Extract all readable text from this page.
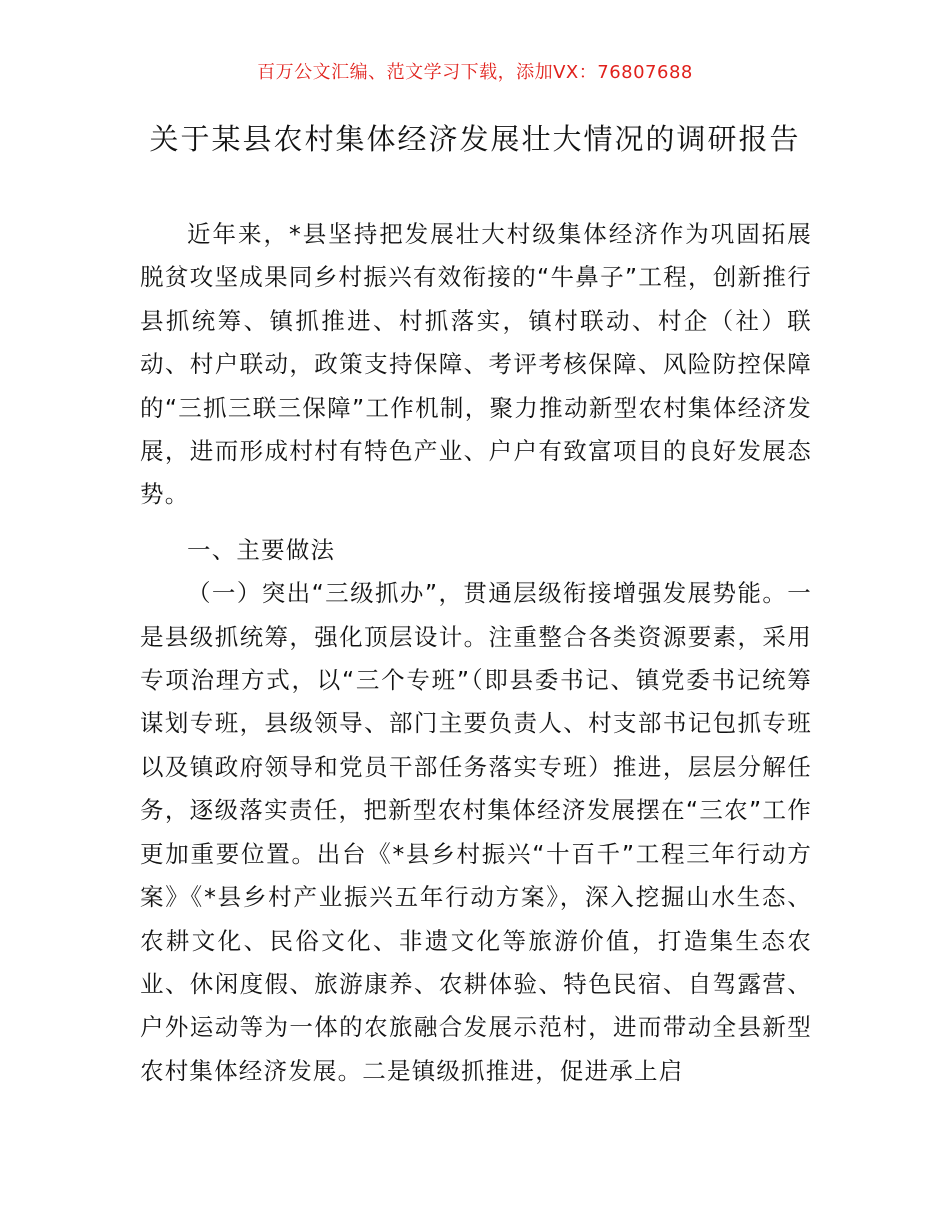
百万公文汇编、范文学习下载，添加VX：76807688
关于某县农村集体经济发展壮大情况的调研报告

近年来，*县坚持把发展壮大村级集体经济作为巩固拓展脱贫攻坚成果同乡村振兴有效衔接的“牛鼻子”工程，创新推行县抓统筹、镇抓推进、村抓落实，镇村联动、村企（社）联动、村户联动，政策支持保障、考评考核保障、风险防控保障的“三抓三联三保障”工作机制，聚力推动新型农村集体经济发展，进而形成村村有特色产业、户户有致富项目的良好发展态势。

一、主要做法

（一）突出“三级抓办”，贯通层级衔接增强发展势能。一是县级抓统筹，强化顶层设计。注重整合各类资源要素，采用专项治理方式，以“三个专班”（即县委书记、镇党委书记统筹谋划专班，县级领导、部门主要负责人、村支部书记包抓专班以及镇政府领导和党员干部任务落实专班）推进，层层分解任务，逐级落实责任，把新型农村集体经济发展摆在“三农”工作更加重要位置。出台《*县乡村振兴“十百千”工程三年行动方案》《*县乡村产业振兴五年行动方案》，深入挖掘山水生态、农耕文化、民俗文化、非遗文化等旅游价值，打造集生态农业、休闲度假、旅游康养、农耕体验、特色民宿、自驾露营、户外运动等为一体的农旅融合发展示范村，进而带动全县新型农村集体经济发展。二是镇级抓推进，促进承上启
